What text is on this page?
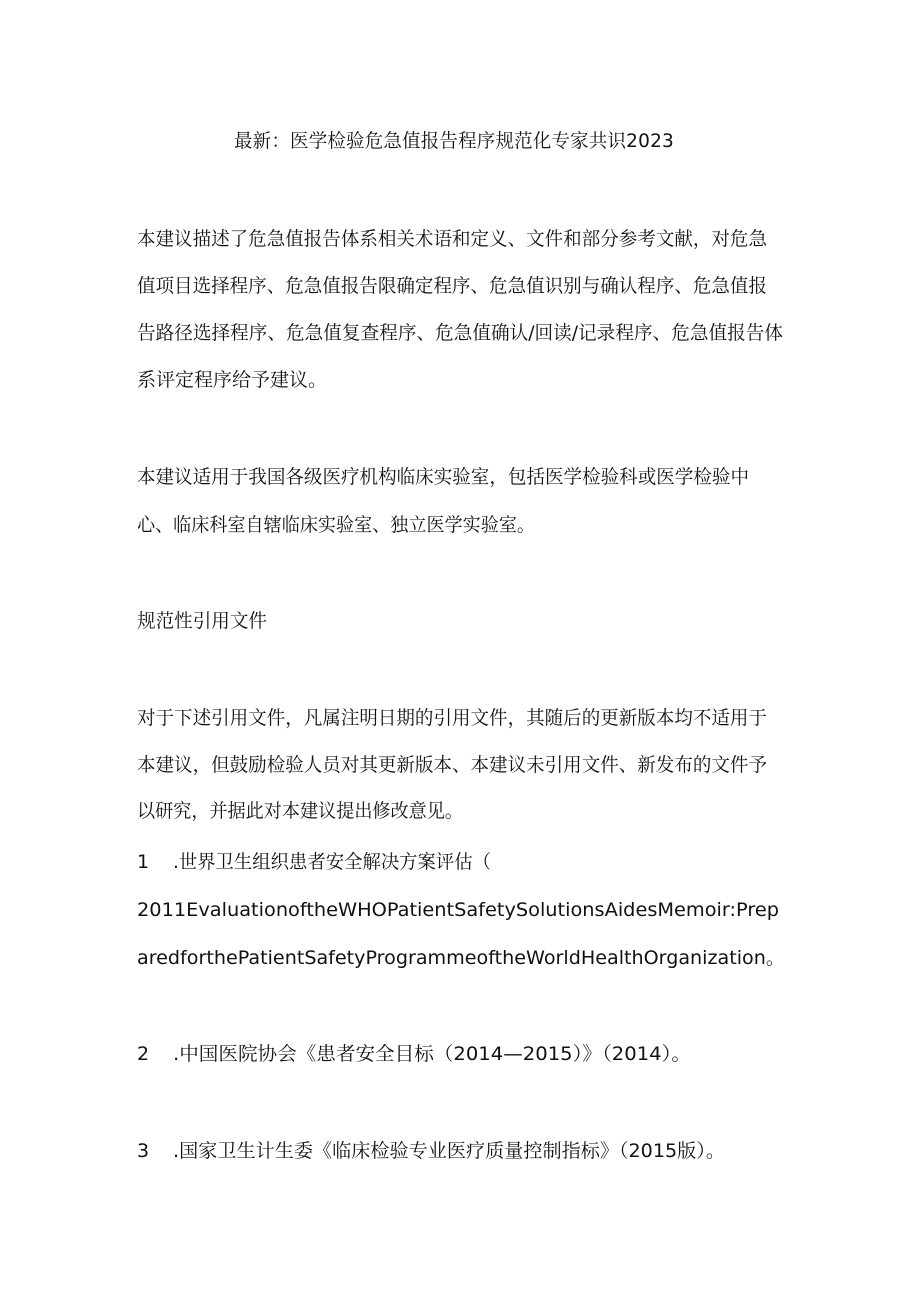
最新：医学检验危急值报告程序规范化专家共识2023
本建议描述了危急值报告体系相关术语和定义、文件和部分参考文献，对危急
值项目选择程序、危急值报告限确定程序、危急值识别与确认程序、危急值报
告路径选择程序、危急值复查程序、危急值确认/回读/记录程序、危急值报告体
系评定程序给予建议。
本建议适用于我国各级医疗机构临床实验室，包括医学检验科或医学检验中
心、临床科室自辖临床实验室、独立医学实验室。
规范性引用文件
对于下述引用文件，凡属注明日期的引用文件，其随后的更新版本均不适用于
本建议，但鼓励检验人员对其更新版本、本建议未引用文件、新发布的文件予
以研究，并据此对本建议提出修改意见。
1 .世界卫生组织患者安全解决方案评估（
2011EvaluationoftheWHOPatientSafetySolutionsAidesMemoir:Prep
aredforthePatientSafetyProgrammeoftheWorldHealthOrganization。
2 .中国医院协会《患者安全目标（2014—2015）》（2014）。
3 .国家卫生计生委《临床检验专业医疗质量控制指标》（2015版）。
